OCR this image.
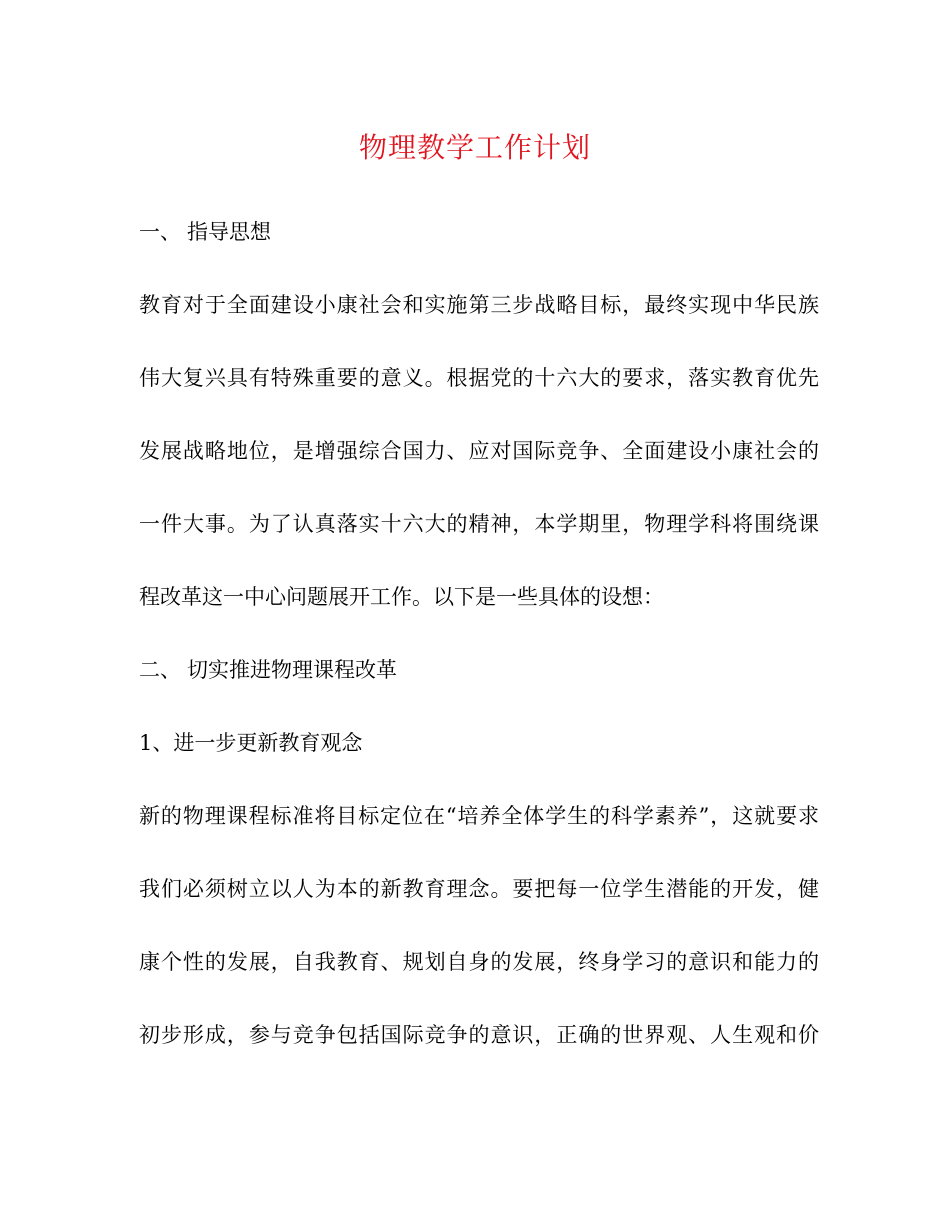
物理教学工作计划
一、 指导思想
教育对于全面建设小康社会和实施第三步战略目标，最终实现中华民族
伟大复兴具有特殊重要的意义。根据党的十六大的要求，落实教育优先
发展战略地位，是增强综合国力、应对国际竞争、全面建设小康社会的
一件大事。为了认真落实十六大的精神，本学期里，物理学科将围绕课
程改革这一中心问题展开工作。以下是一些具体的设想：
二、 切实推进物理课程改革
1、进一步更新教育观念
新的物理课程标准将目标定位在“培养全体学生的科学素养”，这就要求
我们必须树立以人为本的新教育理念。要把每一位学生潜能的开发，健
康个性的发展，自我教育、规划自身的发展，终身学习的意识和能力的
初步形成，参与竞争包括国际竞争的意识，正确的世界观、人生观和价
